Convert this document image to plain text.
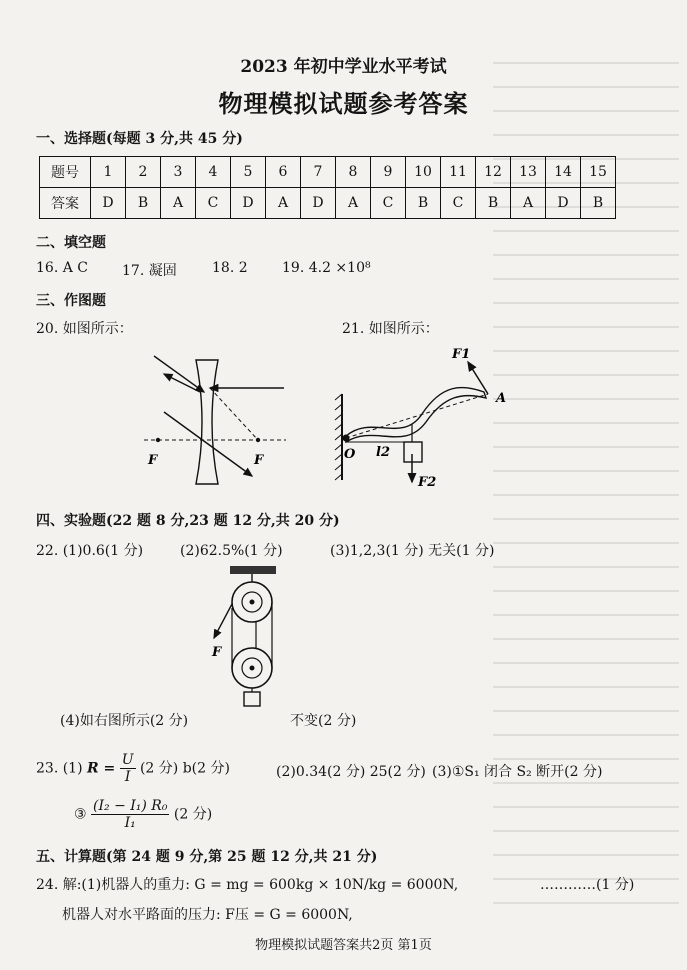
2023 年初中学业水平考试
物理模拟试题参考答案
一、选择题(每题 3 分,共 45 分)
题号	1	2	3	4	5	6	7	8	9	10	11	12	13	14	15
答案	D	B	A	C	D	A	D	A	C	B	C	B	A	D	B
二、填空题
16. A C 17. 凝固	18. 2 19. 4.2 ×10⁸
三、作图题
20. 如图所示：	21. 如图所示：
F	F
F1
A
O l2
F2
四、实验题(22 题 8 分,23 题 12 分,共 20 分)
22. (1)0.6(1 分)	(2)62.5%(1 分)	(3)1,2,3(1 分) 无关(1 分)
F
(4)如右图所示(2 分)	不变(2 分)
23. (1) $R = \frac{U}{I} (2$ 分) b(2 分)	(2)0.34(2 分) 25(2 分) (3)①S₁ 闭合 S₂ 断开(2 分)
③ $\frac{\text{(I₂ − I₁) R₀}}{\text{I₁}} (2$ 分)
五、计算题(第 24 题 9 分,第 25 题 12 分,共 21 分)
24. 解:(1)机器人的重力: G = mg = 600kg × 10N/kg = 6000N,	…………(1 分)
机器人对水平路面的压力: F压 = G = 6000N,
物理模拟试题答案共2页 第1页
